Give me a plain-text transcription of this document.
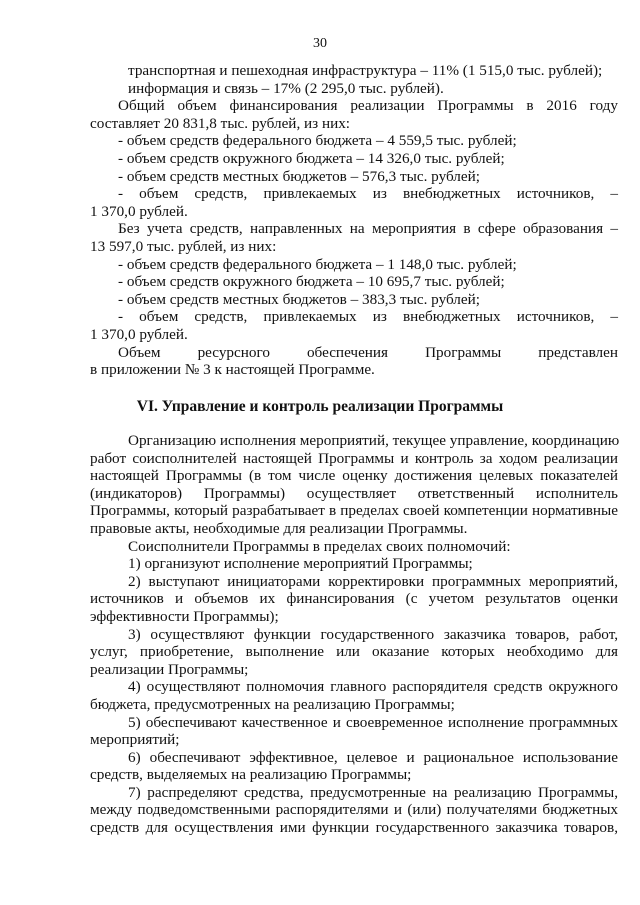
30
транспортная и пешеходная инфраструктура – 11% (1 515,0 тыс. рублей);
информация и связь – 17% (2 295,0 тыс. рублей).
Общий объем финансирования реализации Программы в 2016 году
составляет 20 831,8 тыс. рублей, из них:
- объем средств федерального бюджета – 4 559,5 тыс. рублей;
- объем средств окружного бюджета – 14 326,0 тыс. рублей;
- объем средств местных бюджетов – 576,3 тыс. рублей;
- объем средств, привлекаемых из внебюджетных источников, –
1 370,0 рублей.
Без учета средств, направленных на мероприятия в сфере образования –
13 597,0 тыс. рублей, из них:
- объем средств федерального бюджета – 1 148,0 тыс. рублей;
- объем средств окружного бюджета – 10 695,7 тыс. рублей;
- объем средств местных бюджетов – 383,3 тыс. рублей;
- объем средств, привлекаемых из внебюджетных источников, –
1 370,0 рублей.
Объем ресурсного обеспечения Программы представлен
в приложении № 3 к настоящей Программе.
VI. Управление и контроль реализации Программы
Организацию исполнения мероприятий, текущее управление, координацию
работ соисполнителей настоящей Программы и контроль за ходом реализации
настоящей Программы (в том числе оценку достижения целевых показателей
(индикаторов) Программы) осуществляет ответственный исполнитель
Программы, который разрабатывает в пределах своей компетенции нормативные
правовые акты, необходимые для реализации Программы.
Соисполнители Программы в пределах своих полномочий:
1) организуют исполнение мероприятий Программы;
2) выступают инициаторами корректировки программных мероприятий,
источников и объемов их финансирования (с учетом результатов оценки
эффективности Программы);
3) осуществляют функции государственного заказчика товаров, работ,
услуг, приобретение, выполнение или оказание которых необходимо для
реализации Программы;
4) осуществляют полномочия главного распорядителя средств окружного
бюджета, предусмотренных на реализацию Программы;
5) обеспечивают качественное и своевременное исполнение программных
мероприятий;
6) обеспечивают эффективное, целевое и рациональное использование
средств, выделяемых на реализацию Программы;
7) распределяют средства, предусмотренные на реализацию Программы,
между подведомственными распорядителями и (или) получателями бюджетных
средств для осуществления ими функции государственного заказчика товаров,
